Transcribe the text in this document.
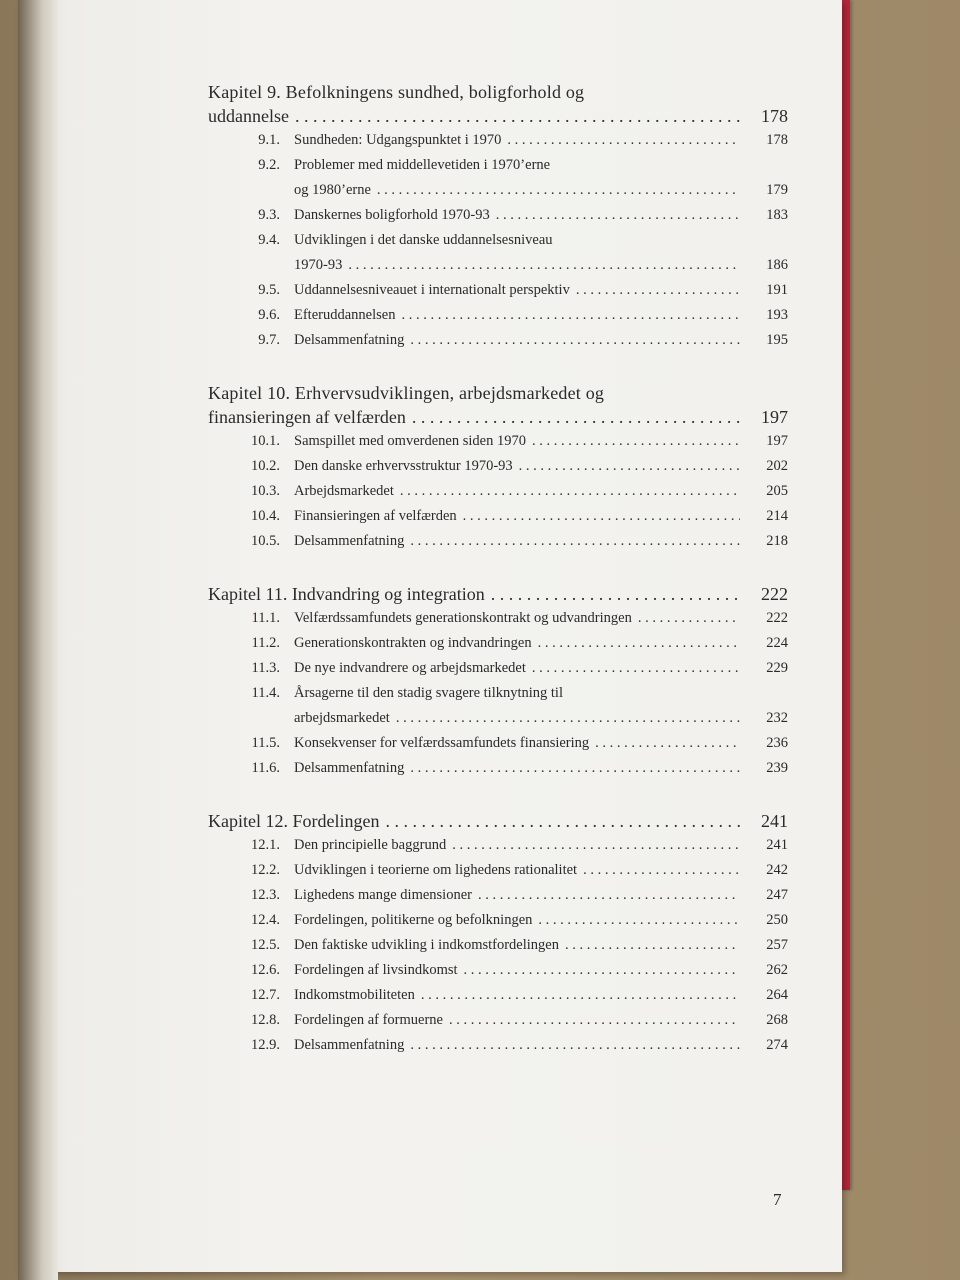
Kapitel 9. Befolkningens sundhed, boligforhold og
uddannelse . . .	178
9.1. Sundheden: Udgangspunktet i 1970 . . .	178
9.2. Problemer med middellevetiden i 1970’erne
og 1980’erne . . .	179
9.3. Danskernes boligforhold 1970-93 . . .	183
9.4. Udviklingen i det danske uddannelsesniveau
1970-93 . . .	186
9.5. Uddannelsesniveauet i internationalt perspektiv . . .	191
9.6. Efteruddannelsen . . .	193
9.7. Delsammenfatning . . .	195
Kapitel 10. Erhvervsudviklingen, arbejdsmarkedet og
finansieringen af velfærden . . .	197
10.1. Samspillet med omverdenen siden 1970 . . .	197
10.2. Den danske erhvervsstruktur 1970-93 . . .	202
10.3. Arbejdsmarkedet . . .	205
10.4. Finansieringen af velfærden . . .	214
10.5. Delsammenfatning . . .	218
Kapitel 11. Indvandring og integration . . .	222
11.1. Velfærdssamfundets generationskontrakt og udvandringen . . .	222
11.2. Generationskontrakten og indvandringen . . .	224
11.3. De nye indvandrere og arbejdsmarkedet . . .	229
11.4. Årsagerne til den stadig svagere tilknytning til
arbejdsmarkedet . . .	232
11.5. Konsekvenser for velfærdssamfundets finansiering . . .	236
11.6. Delsammenfatning . . .	239
Kapitel 12. Fordelingen . . .	241
12.1. Den principielle baggrund . . .	241
12.2. Udviklingen i teorierne om lighedens rationalitet . . .	242
12.3. Lighedens mange dimensioner . . .	247
12.4. Fordelingen, politikerne og befolkningen . . .	250
12.5. Den faktiske udvikling i indkomstfordelingen . . .	257
12.6. Fordelingen af livsindkomst . . .	262
12.7. Indkomstmobiliteten . . .	264
12.8. Fordelingen af formuerne . . .	268
12.9. Delsammenfatning . . .	274
7
